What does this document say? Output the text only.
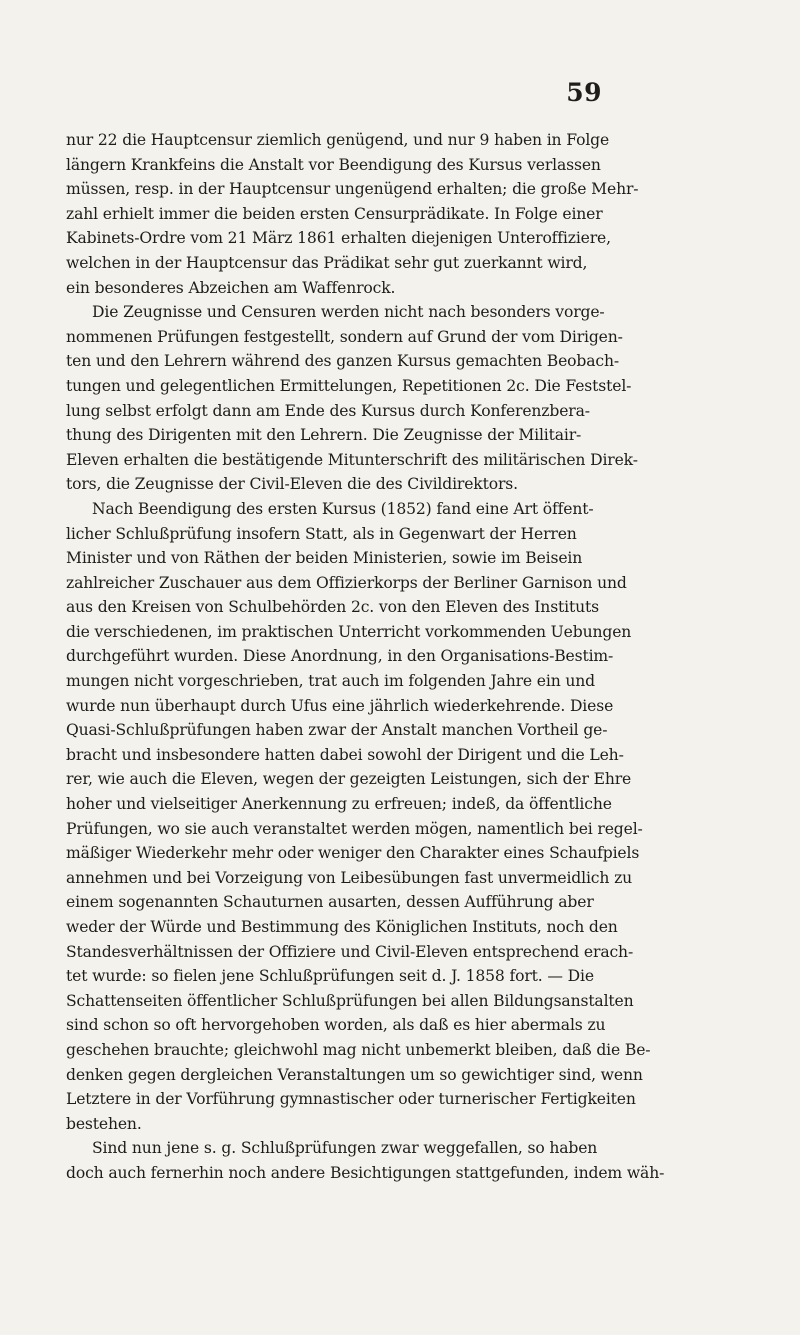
59
nur 22 die Hauptcensur ziemlich genügend, und nur 9 haben in Folge
längern Krankfeins die Anstalt vor Beendigung des Kursus verlassen
müssen, resp. in der Hauptcensur ungenügend erhalten; die große Mehr-
zahl erhielt immer die beiden ersten Censurprädikate. In Folge einer
Kabinets-Ordre vom 21 März 1861 erhalten diejenigen Unteroffiziere,
welchen in der Hauptcensur das Prädikat sehr gut zuerkannt wird,
ein besonderes Abzeichen am Waffenrock.
Die Zeugnisse und Censuren werden nicht nach besonders vorge-
nommenen Prüfungen festgestellt, sondern auf Grund der vom Dirigen-
ten und den Lehrern während des ganzen Kursus gemachten Beobach-
tungen und gelegentlichen Ermittelungen, Repetitionen 2c. Die Feststel-
lung selbst erfolgt dann am Ende des Kursus durch Konferenzbera-
thung des Dirigenten mit den Lehrern. Die Zeugnisse der Militair-
Eleven erhalten die bestätigende Mitunterschrift des militärischen Direk-
tors, die Zeugnisse der Civil-Eleven die des Civildirektors.
Nach Beendigung des ersten Kursus (1852) fand eine Art öffent-
licher Schlußprüfung insofern Statt, als in Gegenwart der Herren
Minister und von Räthen der beiden Ministerien, sowie im Beisein
zahlreicher Zuschauer aus dem Offizierkorps der Berliner Garnison und
aus den Kreisen von Schulbehörden 2c. von den Eleven des Instituts
die verschiedenen, im praktischen Unterricht vorkommenden Uebungen
durchgeführt wurden. Diese Anordnung, in den Organisations-Bestim-
mungen nicht vorgeschrieben, trat auch im folgenden Jahre ein und
wurde nun überhaupt durch Ufus eine jährlich wiederkehrende. Diese
Quasi-Schlußprüfungen haben zwar der Anstalt manchen Vortheil ge-
bracht und insbesondere hatten dabei sowohl der Dirigent und die Leh-
rer, wie auch die Eleven, wegen der gezeigten Leistungen, sich der Ehre
hoher und vielseitiger Anerkennung zu erfreuen; indeß, da öffentliche
Prüfungen, wo sie auch veranstaltet werden mögen, namentlich bei regel-
mäßiger Wiederkehr mehr oder weniger den Charakter eines Schaufpiels
annehmen und bei Vorzeigung von Leibesübungen fast unvermeidlich zu
einem sogenannten Schauturnen ausarten, dessen Aufführung aber
weder der Würde und Bestimmung des Königlichen Instituts, noch den
Standesverhältnissen der Offiziere und Civil-Eleven entsprechend erach-
tet wurde: so fielen jene Schlußprüfungen seit d. J. 1858 fort. — Die
Schattenseiten öffentlicher Schlußprüfungen bei allen Bildungsanstalten
sind schon so oft hervorgehoben worden, als daß es hier abermals zu
geschehen brauchte; gleichwohl mag nicht unbemerkt bleiben, daß die Be-
denken gegen dergleichen Veranstaltungen um so gewichtiger sind, wenn
Letztere in der Vorführung gymnastischer oder turnerischer Fertigkeiten
bestehen.
Sind nun jene s. g. Schlußprüfungen zwar weggefallen, so haben
doch auch fernerhin noch andere Besichtigungen stattgefunden, indem wäh-
